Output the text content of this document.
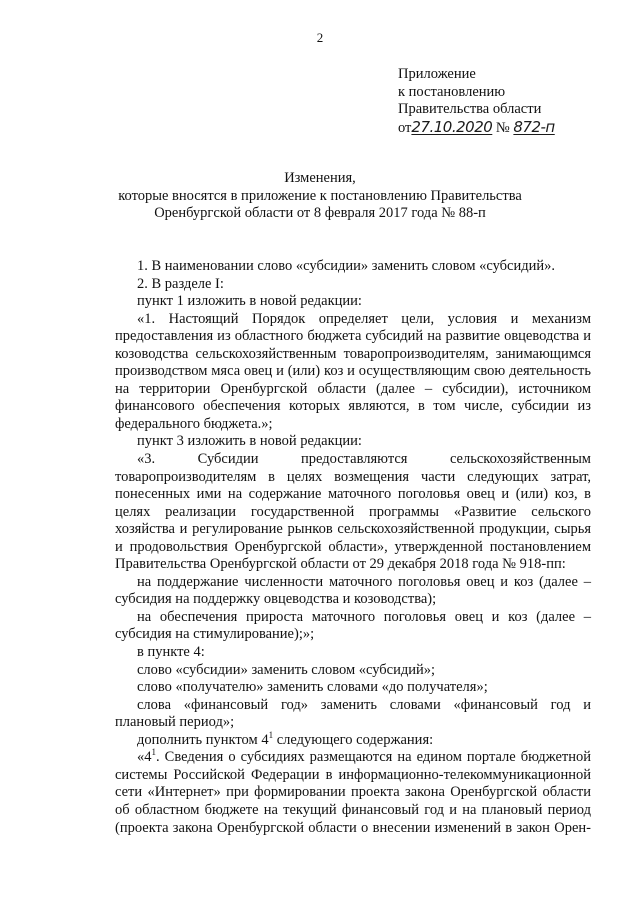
2
Приложение
к постановлению
Правительства области
от27.10.2020 № 872-п
Изменения,
которые вносятся в приложение к постановлению Правительства
Оренбургской области от 8 февраля 2017 года № 88-п

1. В наименовании слово «субсидии» заменить словом «субсидий».

2. В разделе I:

пункт 1 изложить в новой редакции:

«1. Настоящий Порядок определяет цели, условия и механизм предоставления из областного бюджета субсидий на развитие овцеводства и козоводства сельскохозяйственным товаропроизводителям, занимающимся производством мяса овец и (или) коз и осуществляющим свою деятельность на территории Оренбургской области (далее – субсидии), источником финансового обеспечения которых являются, в том числе, субсидии из федерального бюджета.»;

пункт 3 изложить в новой редакции:

«3. Субсидии предоставляются сельскохозяйственным товаропроизводителям в целях возмещения части следующих затрат, понесенных ими на содержание маточного поголовья овец и (или) коз, в целях реализации государственной программы «Развитие сельского хозяйства и регулирование рынков сельскохозяйственной продукции, сырья и продовольствия Оренбургской области», утвержденной постановлением Правительства Оренбургской области от 29 декабря 2018 года № 918-пп:

на поддержание численности маточного поголовья овец и коз (далее – субсидия на поддержку овцеводства и козоводства);

на обеспечения прироста маточного поголовья овец и коз (далее – субсидия на стимулирование);»;

в пункте 4:

слово «субсидии» заменить словом «субсидий»;

слово «получателю» заменить словами «до получателя»;

слова «финансовый год» заменить словами «финансовый год и плановый период»;

дополнить пунктом $4^1$ следующего содержания:

«$4^1$. Сведения о субсидиях размещаются на едином портале бюджетной системы Российской Федерации в информационно-телекоммуникационной сети «Интернет» при формировании проекта закона Оренбургской области об областном бюджете на текущий финансовый год и на плановый период (проекта закона Оренбургской области о внесении изменений в закон Орен-
